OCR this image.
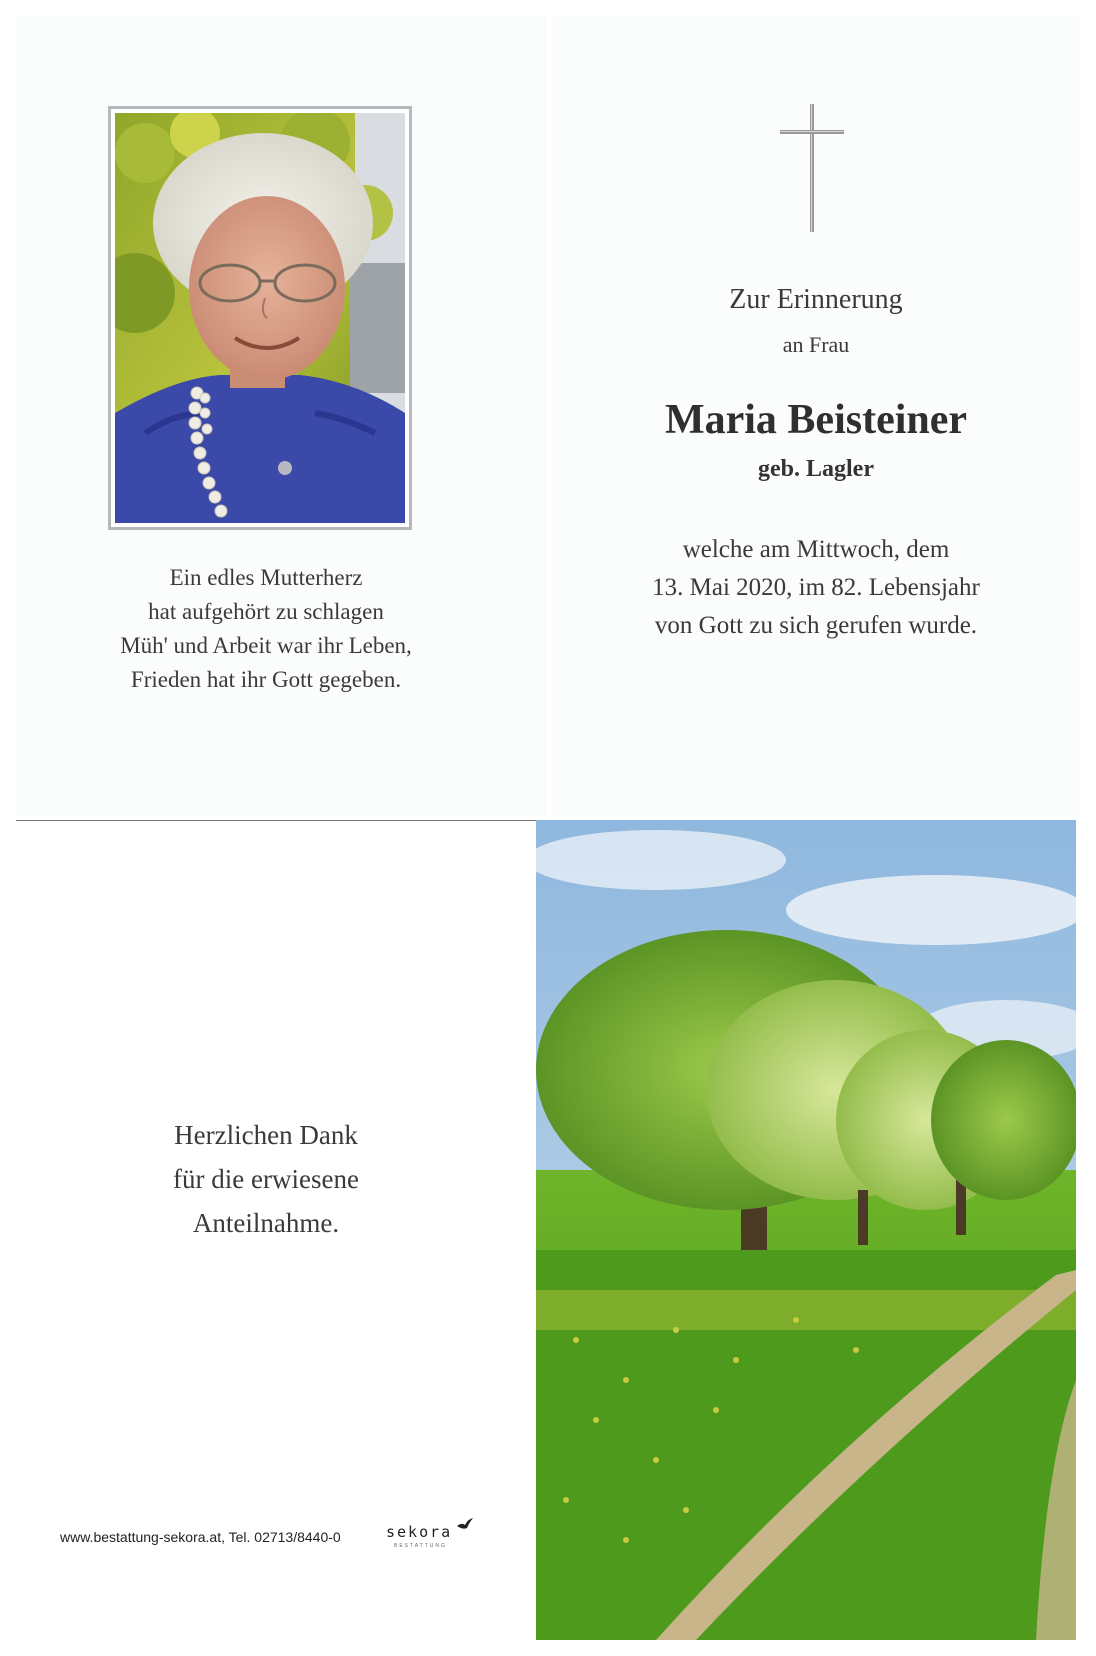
Ein edles Mutterherz
hat aufgehört zu schlagen
Müh' und Arbeit war ihr Leben,
Frieden hat ihr Gott gegeben.
Zur Erinnerung
an Frau
Maria Beisteiner
geb. Lagler
welche am Mittwoch, dem
13. Mai 2020, im 82. Lebensjahr
von Gott zu sich gerufen wurde.
Herzlichen Dank
für die erwiesene
Anteilnahme.
www.bestattung-sekora.at, Tel. 02713/8440-0	sekora
BESTATTUNG
